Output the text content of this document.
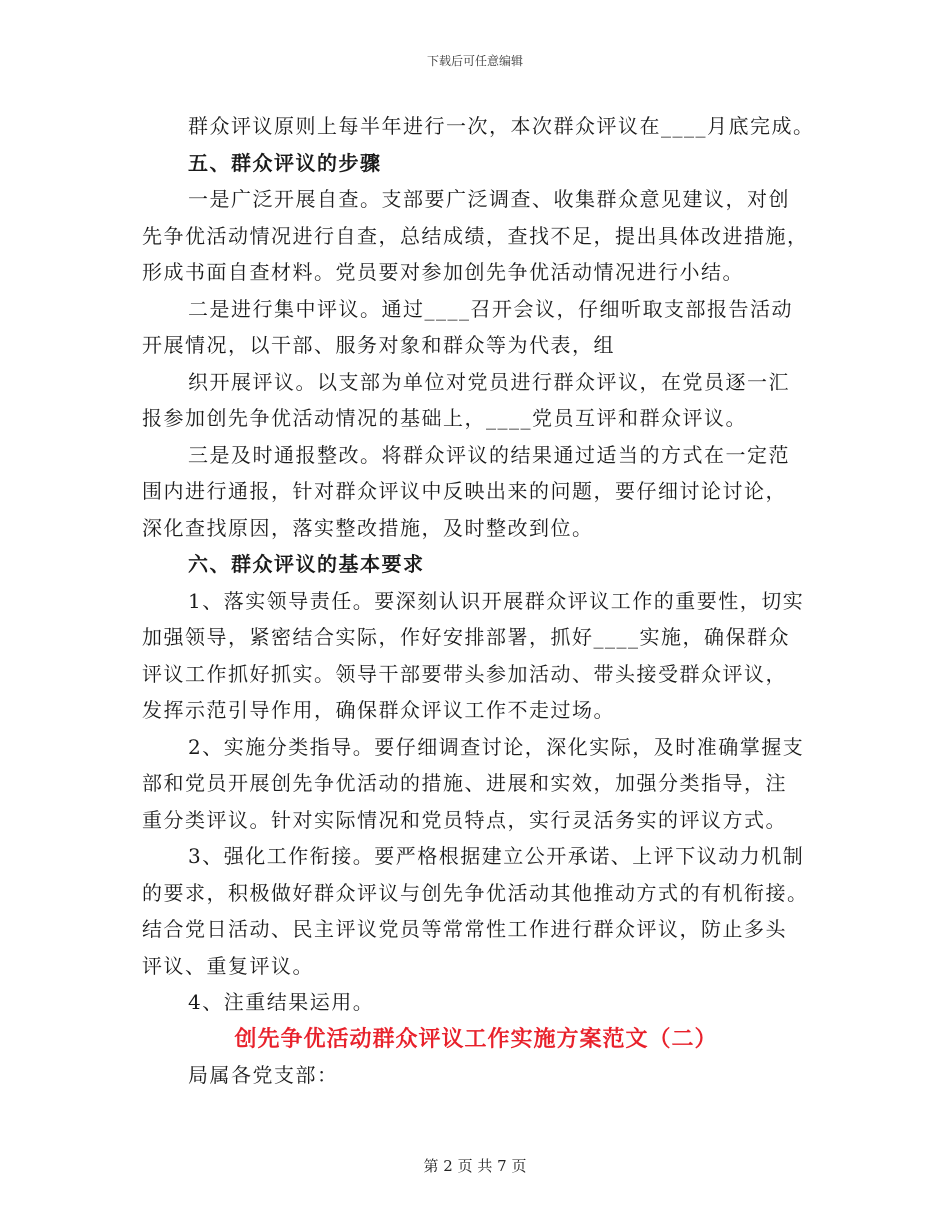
下载后可任意编辑
群众评议原则上每半年进行一次，本次群众评议在____月底完成。
五、群众评议的步骤
一是广泛开展自查。支部要广泛调查、收集群众意见建议，对创
先争优活动情况进行自查，总结成绩，查找不足，提出具体改进措施，
形成书面自查材料。党员要对参加创先争优活动情况进行小结。
二是进行集中评议。通过____召开会议，仔细听取支部报告活动
开展情况，以干部、服务对象和群众等为代表，组
织开展评议。以支部为单位对党员进行群众评议，在党员逐一汇
报参加创先争优活动情况的基础上，____党员互评和群众评议。
三是及时通报整改。将群众评议的结果通过适当的方式在一定范
围内进行通报，针对群众评议中反映出来的问题，要仔细讨论讨论，
深化查找原因，落实整改措施，及时整改到位。
六、群众评议的基本要求
1、落实领导责任。要深刻认识开展群众评议工作的重要性，切实
加强领导，紧密结合实际，作好安排部署，抓好____实施，确保群众
评议工作抓好抓实。领导干部要带头参加活动、带头接受群众评议，
发挥示范引导作用，确保群众评议工作不走过场。
2、实施分类指导。要仔细调查讨论，深化实际，及时准确掌握支
部和党员开展创先争优活动的措施、进展和实效，加强分类指导，注
重分类评议。针对实际情况和党员特点，实行灵活务实的评议方式。
3、强化工作衔接。要严格根据建立公开承诺、上评下议动力机制
的要求，积极做好群众评议与创先争优活动其他推动方式的有机衔接。
结合党日活动、民主评议党员等常常性工作进行群众评议，防止多头
评议、重复评议。
4、注重结果运用。
创先争优活动群众评议工作实施方案范文（二）
局属各党支部：
第 2 页 共 7 页
